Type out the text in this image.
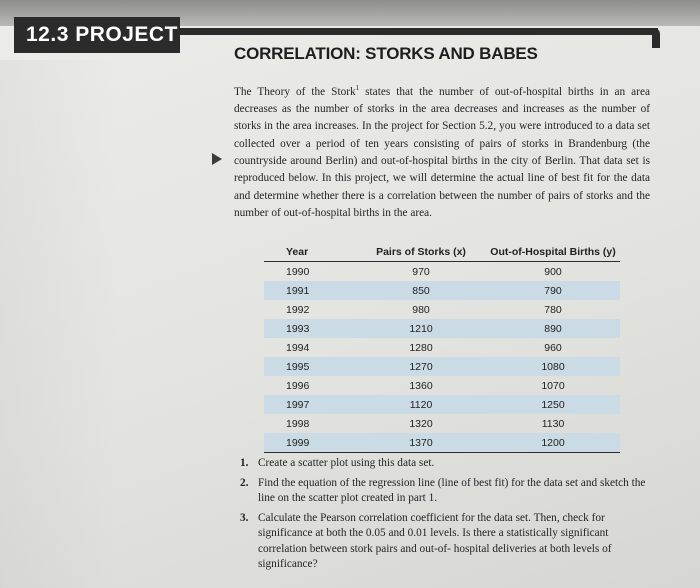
12.3 PROJECT
CORRELATION: STORKS AND BABES

The Theory of the Stork$^1$ states that the number of out-of-hospital births in an area decreases as the number of storks in the area decreases and increases as the number of storks in the area increases. In the project for Section 5.2, you were introduced to a data set collected over a period of ten years consisting of pairs of storks in Brandenburg (the countryside around Berlin) and out-of-hospital births in the city of Berlin. That data set is reproduced below. In this project, we will determine the actual line of best fit for the data and determine whether there is a correlation between the number of pairs of storks and the number of out-of-hospital births in the area.

Year	Pairs of Storks (x)	Out-of-Hospital Births (y)
1990	970	900
1991	850	790
1992	980	780
1993	1210	890
1994	1280	960
1995	1270	1080
1996	1360	1070
1997	1120	1250
1998	1320	1130
1999	1370	1200
1. Create a scatter plot using this data set.
2. Find the equation of the regression line (line of best fit) for the data set and sketch the line on the scatter plot created in part 1.
3. Calculate the Pearson correlation coefficient for the data set. Then, check for significance at both the 0.05 and 0.01 levels. Is there a statistically significant correlation between stork pairs and out-of- hospital deliveries at both levels of significance?
